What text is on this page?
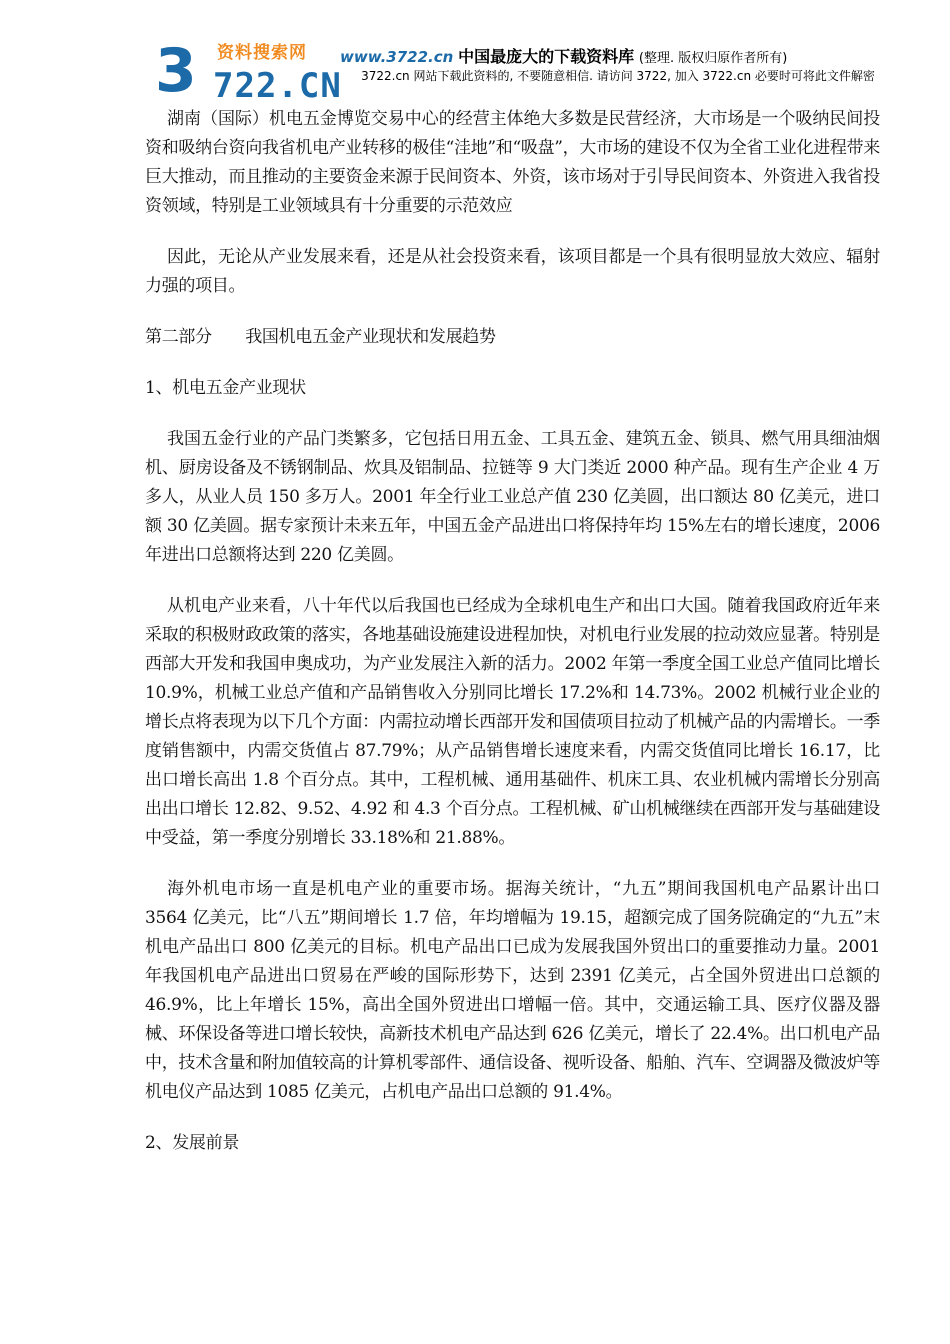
3 资料搜索网
722.CN
www.3722.cn 中国最庞大的下载资料库 (整理. 版权归原作者所有)
3722.cn 网站下载此资料的, 不要随意相信. 请访问 3722, 加入 3722.cn 必要时可将此文件解密

湖南（国际）机电五金博览交易中心的经营主体绝大多数是民营经济，大市场是一个吸纳民间投资和吸纳台资向我省机电产业转移的极佳“洼地”和“吸盘”，大市场的建设不仅为全省工业化进程带来巨大推动，而且推动的主要资金来源于民间资本、外资，该市场对于引导民间资本、外资进入我省投资领域，特别是工业领域具有十分重要的示范效应

因此，无论从产业发展来看，还是从社会投资来看，该项目都是一个具有很明显放大效应、辐射力强的项目。

第二部分　　我国机电五金产业现状和发展趋势

1、机电五金产业现状

我国五金行业的产品门类繁多，它包括日用五金、工具五金、建筑五金、锁具、燃气用具细油烟机、厨房设备及不锈钢制品、炊具及铝制品、拉链等 9 大门类近 2000 种产品。现有生产企业 4 万多人，从业人员 150 多万人。2001 年全行业工业总产值 230 亿美圆，出口额达 80 亿美元，进口额 30 亿美圆。据专家预计未来五年，中国五金产品进出口将保持年均 15%左右的增长速度，2006 年进出口总额将达到 220 亿美圆。

从机电产业来看，八十年代以后我国也已经成为全球机电生产和出口大国。随着我国政府近年来采取的积极财政政策的落实，各地基础设施建设进程加快，对机电行业发展的拉动效应显著。特别是西部大开发和我国申奥成功，为产业发展注入新的活力。2002 年第一季度全国工业总产值同比增长 10.9%，机械工业总产值和产品销售收入分别同比增长 17.2%和 14.73%。2002 机械行业企业的增长点将表现为以下几个方面：内需拉动增长西部开发和国债项目拉动了机械产品的内需增长。一季度销售额中，内需交货值占 87.79%；从产品销售增长速度来看，内需交货值同比增长 16.17，比出口增长高出 1.8 个百分点。其中，工程机械、通用基础件、机床工具、农业机械内需增长分别高出出口增长 12.82、9.52、4.92 和 4.3 个百分点。工程机械、矿山机械继续在西部开发与基础建设中受益，第一季度分别增长 33.18%和 21.88%。

海外机电市场一直是机电产业的重要市场。据海关统计，“九五”期间我国机电产品累计出口 3564 亿美元，比“八五”期间增长 1.7 倍，年均增幅为 19.15，超额完成了国务院确定的“九五”末机电产品出口 800 亿美元的目标。机电产品出口已成为发展我国外贸出口的重要推动力量。2001 年我国机电产品进出口贸易在严峻的国际形势下，达到 2391 亿美元，占全国外贸进出口总额的 46.9%，比上年增长 15%，高出全国外贸进出口增幅一倍。其中，交通运输工具、医疗仪器及器械、环保设备等进口增长较快，高新技术机电产品达到 626 亿美元，增长了 22.4%。出口机电产品中，技术含量和附加值较高的计算机零部件、通信设备、视听设备、船舶、汽车、空调器及微波炉等机电仪产品达到 1085 亿美元，占机电产品出口总额的 91.4%。

2、发展前景
